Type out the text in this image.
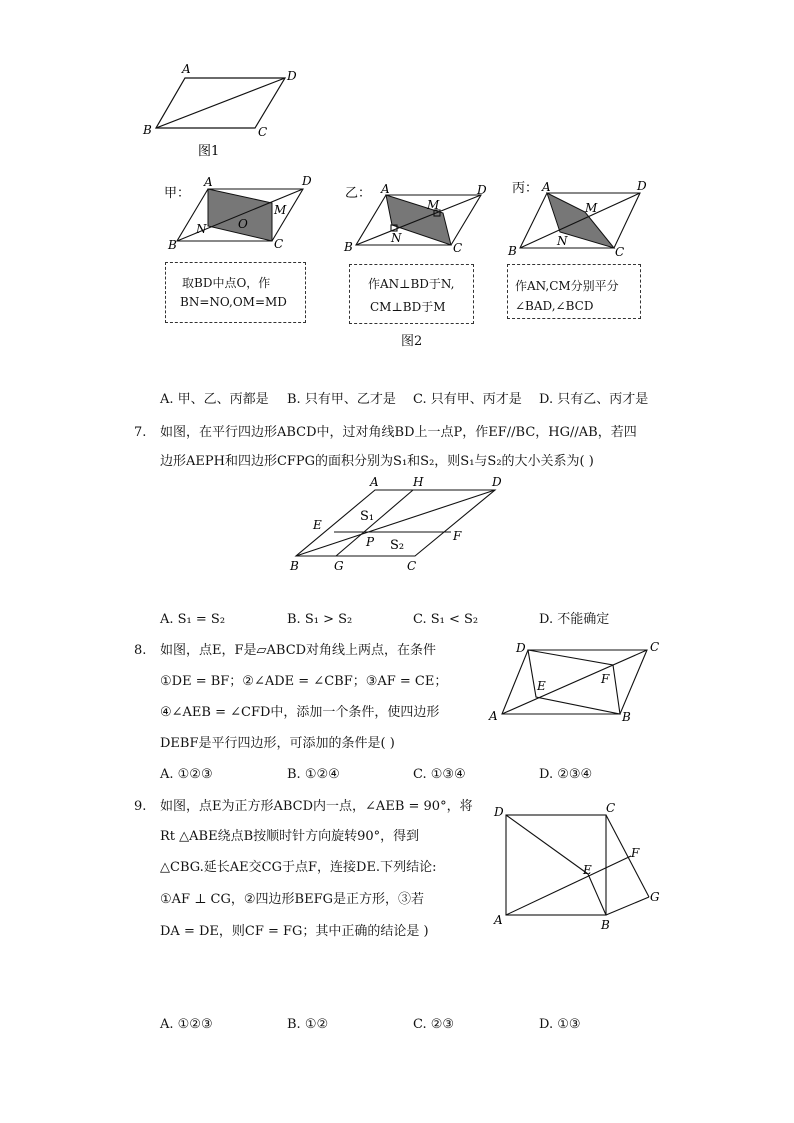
A	D
B	C
图1
甲：
A	D
B	C
O
M
N
乙： A	D
B	C
M
N
丙： A	D
B	C
M
N
取BD中点O，作
BN=NO,OM=MD
作AN⊥BD于N,
CM⊥BD于M
作AN,CM分别平分
∠BAD,∠BCD
图2
A. 甲、乙、丙都是 B. 只有甲、乙才是 C. 只有甲、丙才是 D. 只有乙、丙才是
7. 如图，在平行四边形ABCD中，过对角线BD上一点P，作EF//BC，HG//AB，若四
边形AEPH和四边形CFPG的面积分别为S₁和S₂，则S₁与S₂的大小关系为( )
A	H	D
E
S₁
P S₂
F
B	G	C
A. S₁ = S₂	B. S₁ > S₂	C. S₁ < S₂	D. 不能确定
8. 如图，点E，F是▱ABCD对角线上两点，在条件
①DE = BF；②∠ADE = ∠CBF；③AF = CE；
④∠AEB = ∠CFD中，添加一个条件，使四边形
DEBF是平行四边形，可添加的条件是( )
D	C
E	F
A	B
A. ①②③	B. ①②④	C. ①③④	D. ②③④
9. 如图，点E为正方形ABCD内一点，∠AEB = 90°，将
Rt △ABE绕点B按顺时针方向旋转90°，得到
△CBG.延长AE交CG于点F，连接DE.下列结论:
①AF ⊥ CG，②四边形BEFG是正方形，③若
DA = DE，则CF = FG；其中正确的结论是 )
D	C
F
E
G
A	B
A. ①②③	B. ①②	C. ②③	D. ①③
